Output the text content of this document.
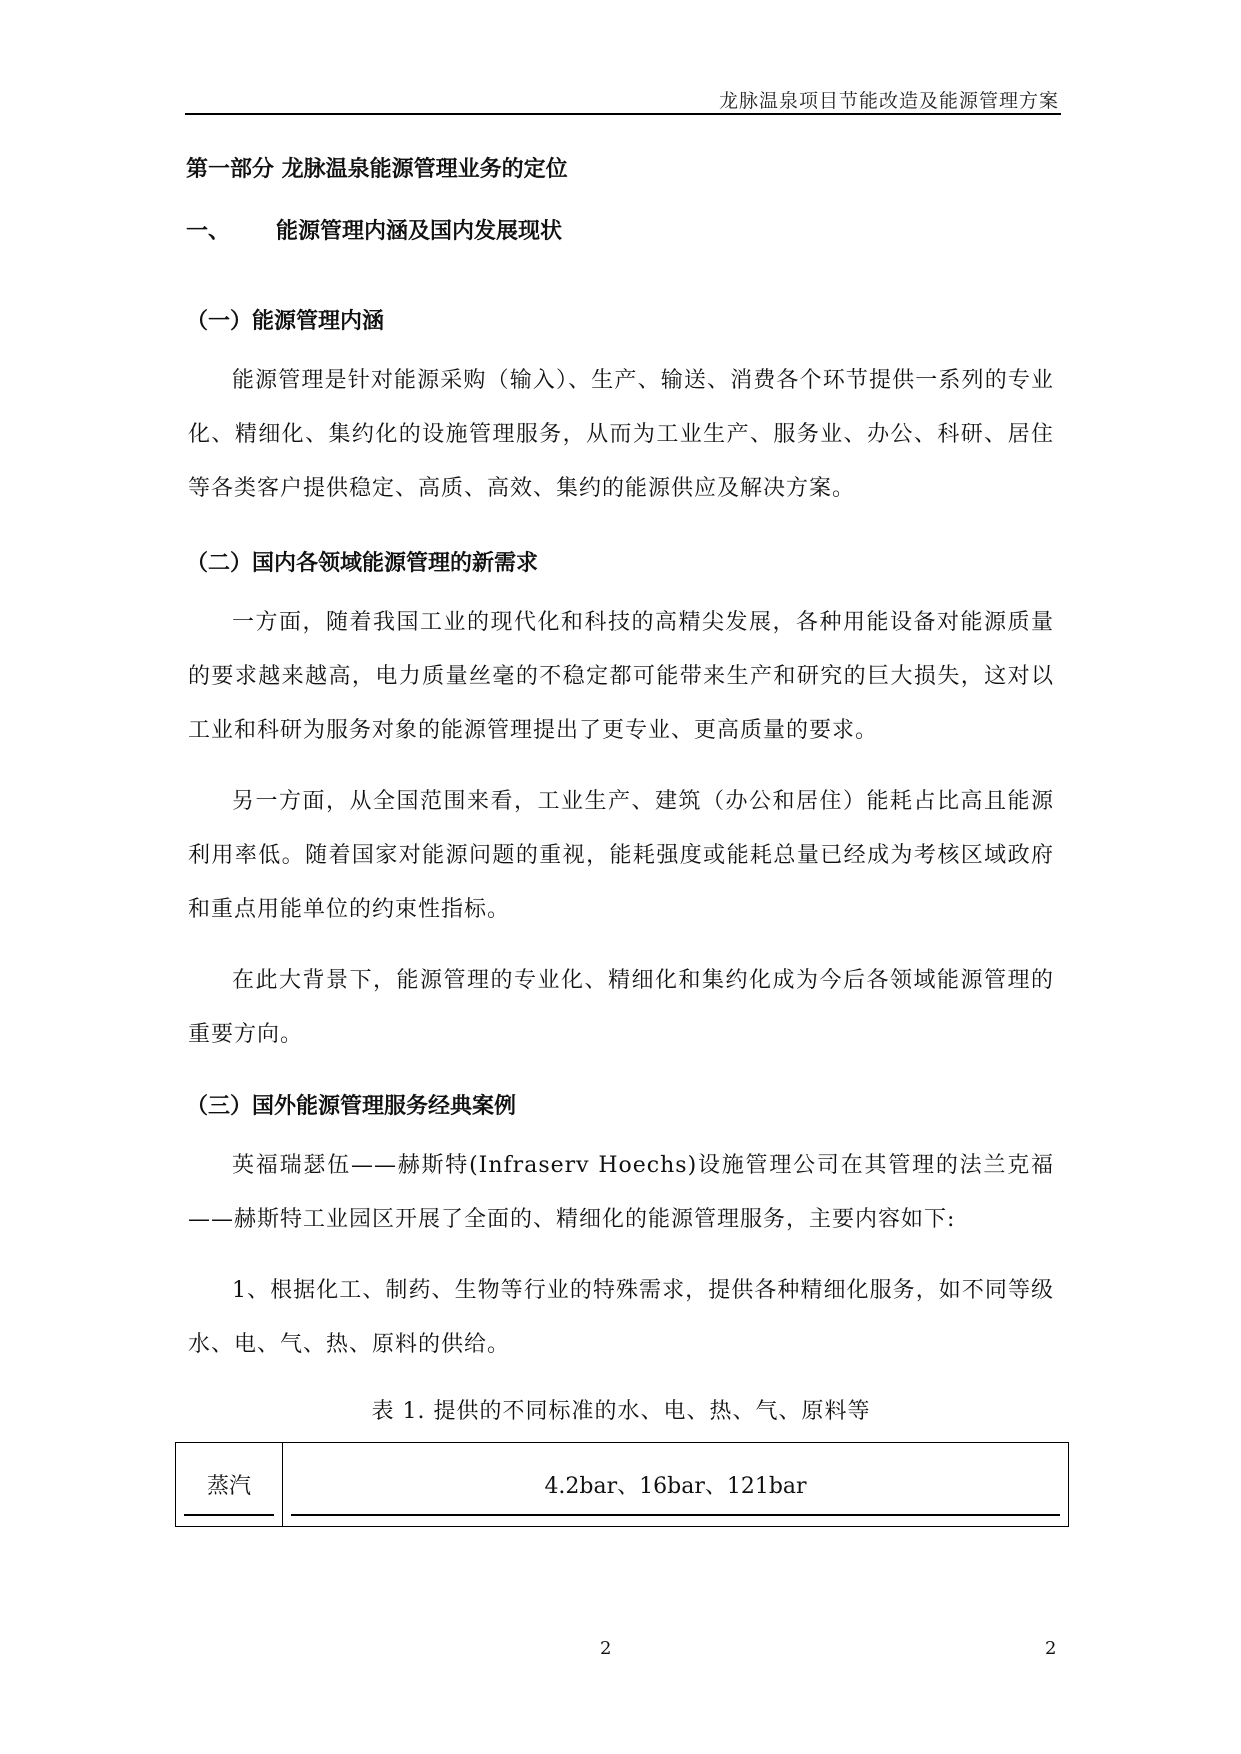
龙脉温泉项目节能改造及能源管理方案
第一部分 龙脉温泉能源管理业务的定位
一、 能源管理内涵及国内发展现状
（一）能源管理内涵
能源管理是针对能源采购（输入）、生产、输送、消费各个环节提供一系列的专业化、精细化、集约化的设施管理服务，从而为工业生产、服务业、办公、科研、居住等各类客户提供稳定、高质、高效、集约的能源供应及解决方案。
（二）国内各领域能源管理的新需求
一方面，随着我国工业的现代化和科技的高精尖发展，各种用能设备对能源质量的要求越来越高，电力质量丝毫的不稳定都可能带来生产和研究的巨大损失，这对以工业和科研为服务对象的能源管理提出了更专业、更高质量的要求。
另一方面，从全国范围来看，工业生产、建筑（办公和居住）能耗占比高且能源利用率低。随着国家对能源问题的重视，能耗强度或能耗总量已经成为考核区域政府和重点用能单位的约束性指标。
在此大背景下，能源管理的专业化、精细化和集约化成为今后各领域能源管理的重要方向。
（三）国外能源管理服务经典案例
英福瑞瑟伍——赫斯特(Infraserv Hoechs)设施管理公司在其管理的法兰克福——赫斯特工业园区开展了全面的、精细化的能源管理服务，主要内容如下:
1、根据化工、制药、生物等行业的特殊需求，提供各种精细化服务，如不同等级水、电、气、热、原料的供给。
表 1. 提供的不同标准的水、电、热、气、原料等
蒸汽	4.2bar、16bar、121bar
2	2
